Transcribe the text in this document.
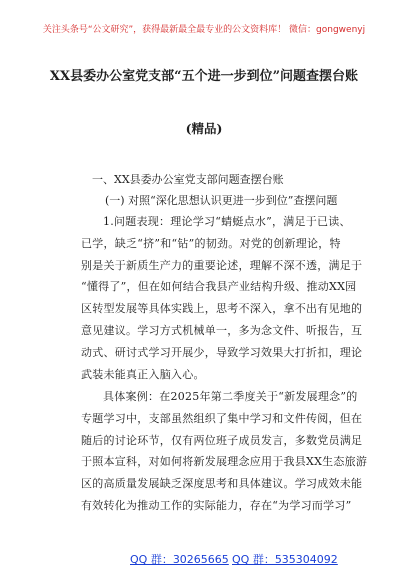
关注头条号“公文研究”，获得最新最全最专业的公文资料库！ 微信：gongwenyj
XX县委办公室党支部“五个进一步到位”问题查摆台账
(精品)
一、XX县委办公室党支部问题查摆台账
(一) 对照“深化思想认识更进一步到位”查摆问题
1.问题表现：理论学习“蜻蜓点水”，满足于已读、
已学，缺乏“挤”和“钻”的韧劲。对党的创新理论，特
别是关于新质生产力的重要论述，理解不深不透，满足于
“懂得了”，但在如何结合我县产业结构升级、推动XX园
区转型发展等具体实践上，思考不深入，拿不出有见地的
意见建议。学习方式机械单一，多为念文件、听报告，互
动式、研讨式学习开展少，导致学习效果大打折扣，理论
武装未能真正入脑入心。
具体案例：在2025年第二季度关于“新发展理念”的
专题学习中，支部虽然组织了集中学习和文件传阅，但在
随后的讨论环节，仅有两位班子成员发言，多数党员满足
于照本宣科，对如何将新发展理念应用于我县XX生态旅游
区的高质量发展缺乏深度思考和具体建议。学习成效未能
有效转化为推动工作的实际能力，存在“为学习而学习”
QQ 群：30265665 QQ 群：535304092
